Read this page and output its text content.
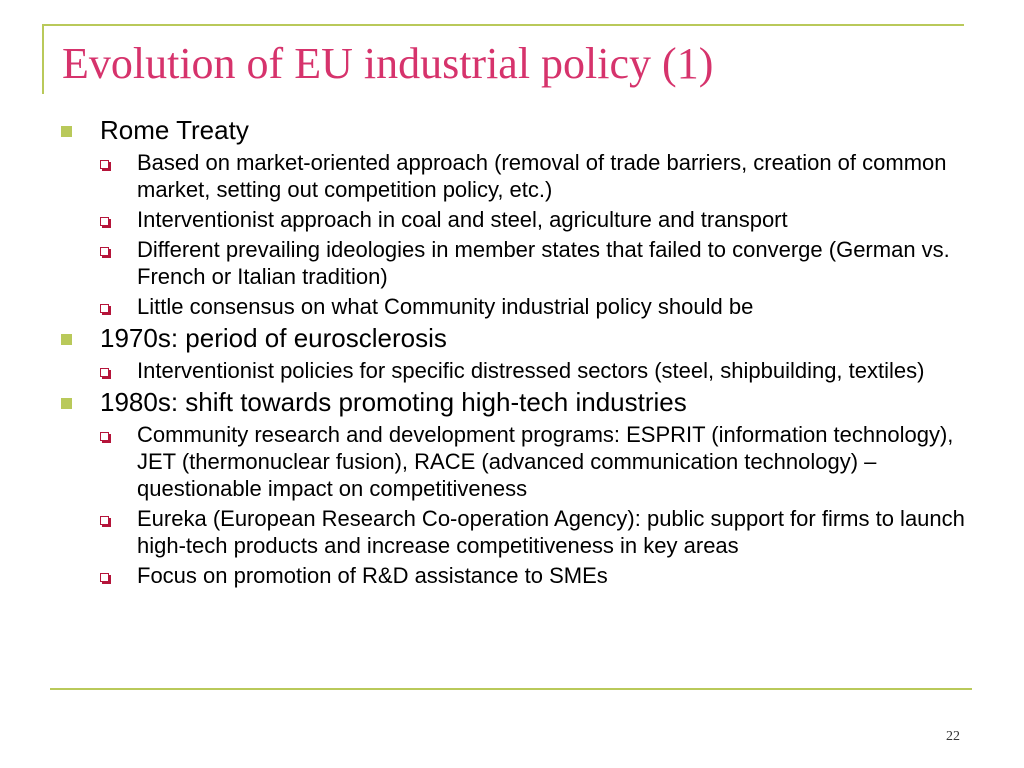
Evolution of EU industrial policy (1)
Rome Treaty
Based on market-oriented approach (removal of trade barriers, creation of common market, setting out competition policy, etc.)
Interventionist approach in coal and steel, agriculture and transport
Different prevailing ideologies in member states that failed to converge (German vs. French or Italian tradition)
Little consensus on what Community industrial policy should be
1970s: period of eurosclerosis
Interventionist policies for specific distressed sectors (steel, shipbuilding, textiles)
1980s: shift towards promoting high-tech industries
Community research and development programs: ESPRIT (information technology), JET (thermonuclear fusion), RACE (advanced communication technology) – questionable impact on competitiveness
Eureka (European Research Co-operation Agency): public support for firms to launch high-tech products and increase competitiveness in key areas
Focus on promotion of R&D assistance to SMEs
22
